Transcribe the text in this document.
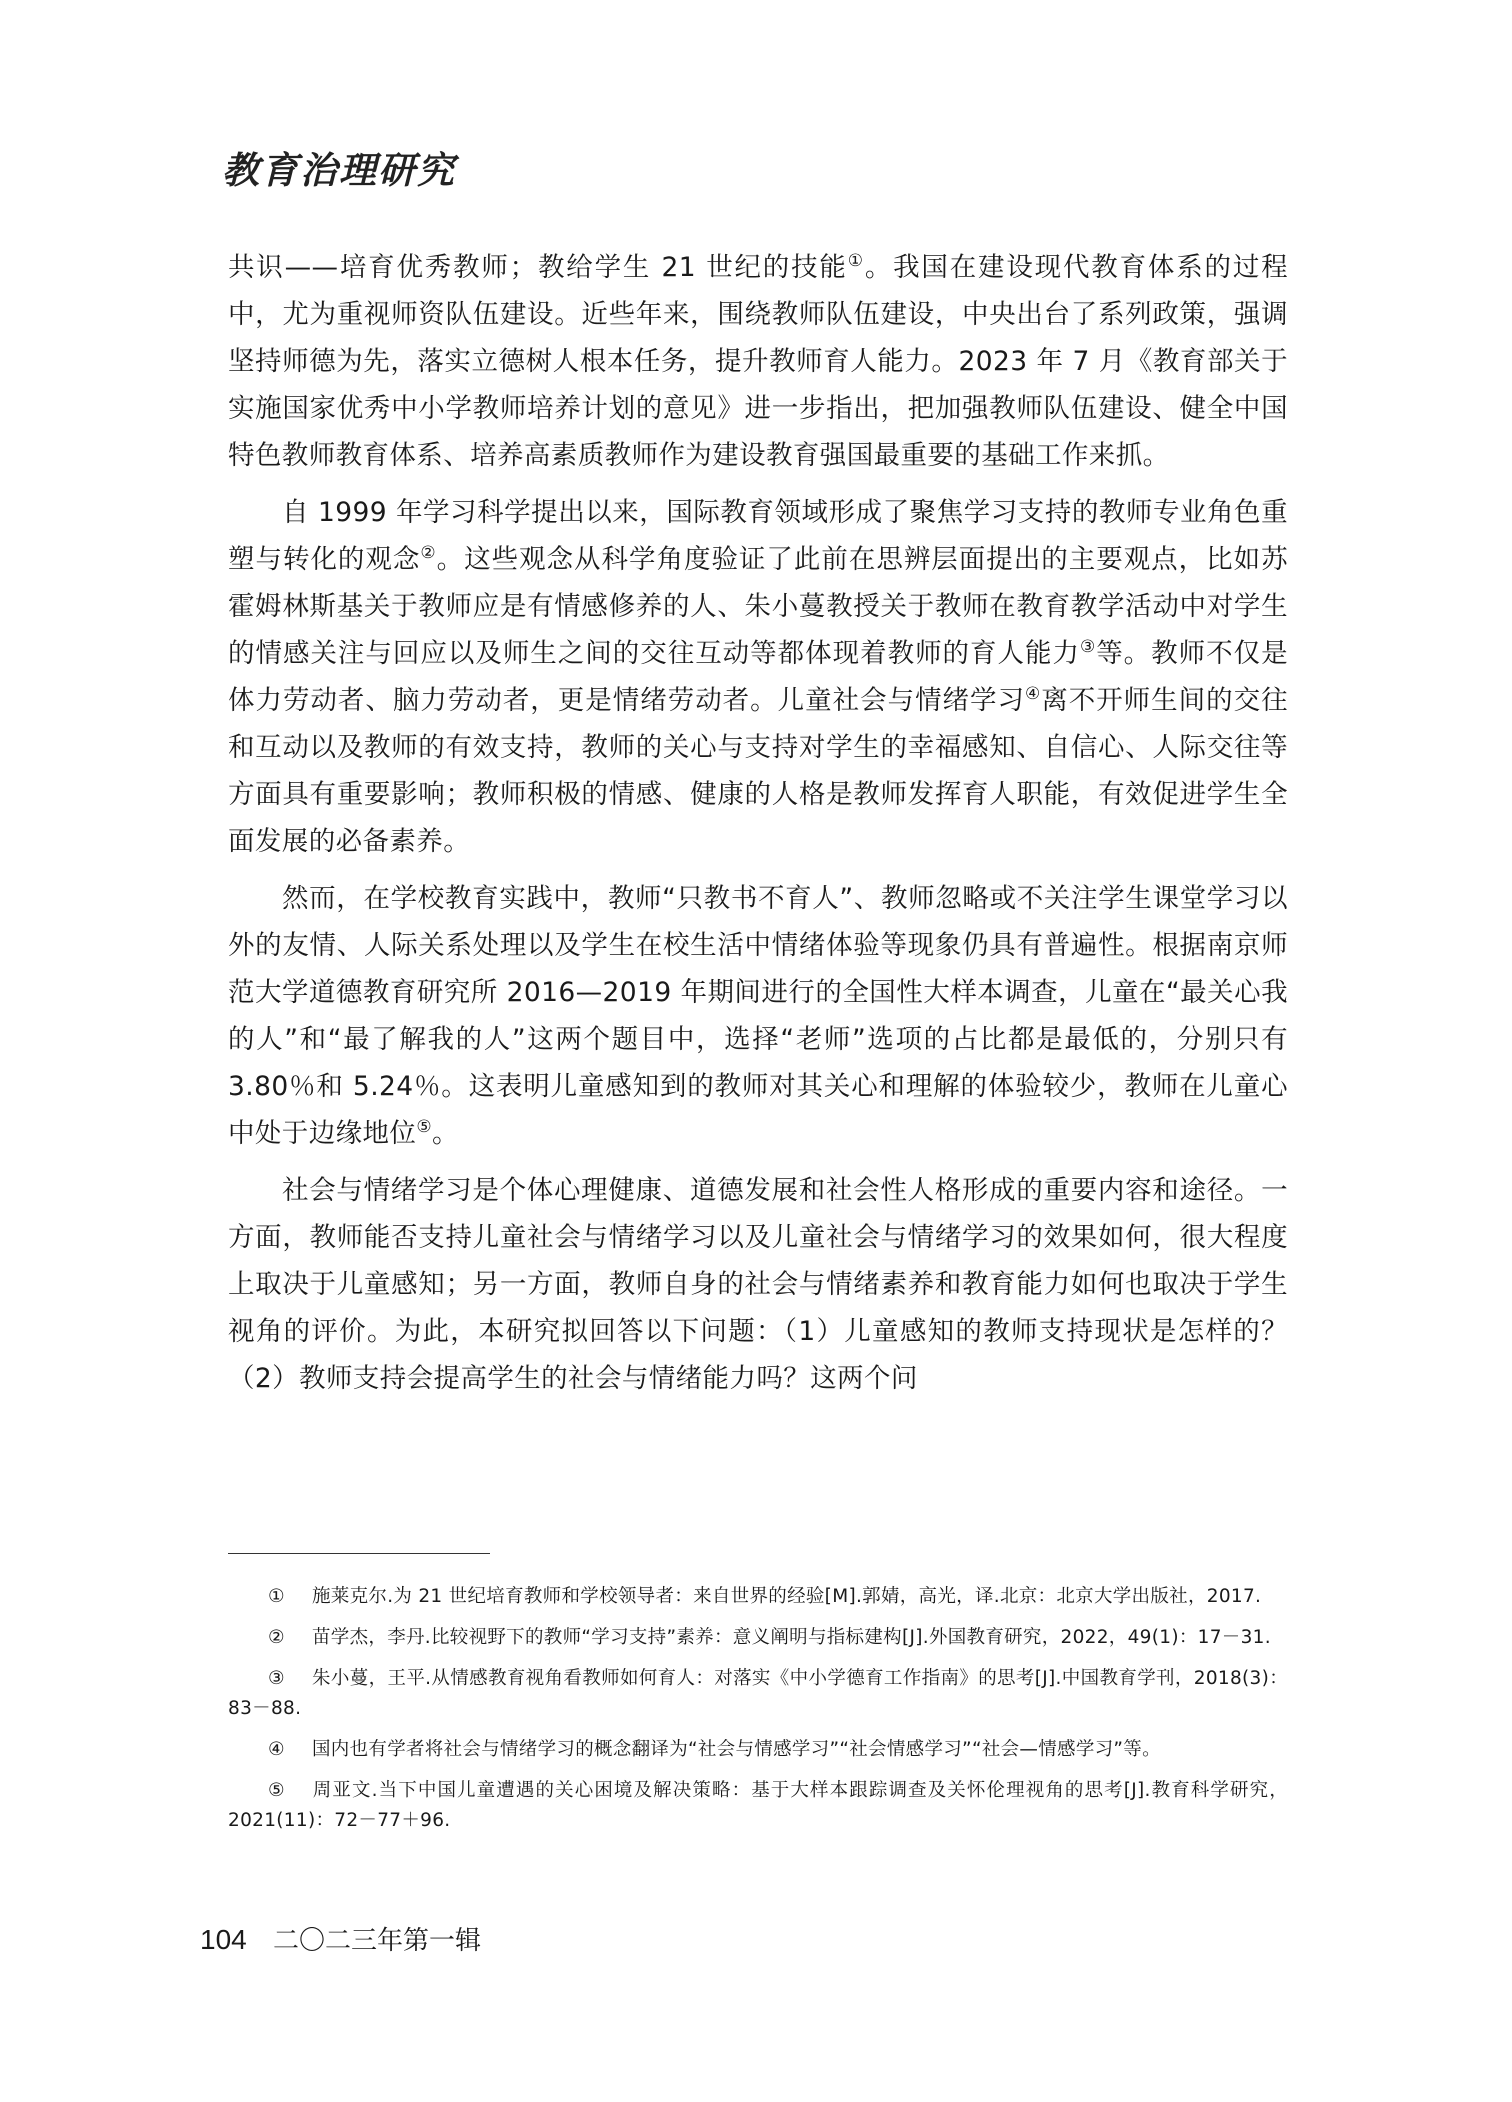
教育治理研究

共识——培育优秀教师；教给学生 21 世纪的技能①。我国在建设现代教育体系的过程中，尤为重视师资队伍建设。近些年来，围绕教师队伍建设，中央出台了系列政策，强调坚持师德为先，落实立德树人根本任务，提升教师育人能力。2023 年 7 月《教育部关于实施国家优秀中小学教师培养计划的意见》进一步指出，把加强教师队伍建设、健全中国特色教师教育体系、培养高素质教师作为建设教育强国最重要的基础工作来抓。

自 1999 年学习科学提出以来，国际教育领域形成了聚焦学习支持的教师专业角色重塑与转化的观念②。这些观念从科学角度验证了此前在思辨层面提出的主要观点，比如苏霍姆林斯基关于教师应是有情感修养的人、朱小蔓教授关于教师在教育教学活动中对学生的情感关注与回应以及师生之间的交往互动等都体现着教师的育人能力③等。教师不仅是体力劳动者、脑力劳动者，更是情绪劳动者。儿童社会与情绪学习④离不开师生间的交往和互动以及教师的有效支持，教师的关心与支持对学生的幸福感知、自信心、人际交往等方面具有重要影响；教师积极的情感、健康的人格是教师发挥育人职能，有效促进学生全面发展的必备素养。

然而，在学校教育实践中，教师“只教书不育人”、教师忽略或不关注学生课堂学习以外的友情、人际关系处理以及学生在校生活中情绪体验等现象仍具有普遍性。根据南京师范大学道德教育研究所 2016—2019 年期间进行的全国性大样本调查，儿童在“最关心我的人”和“最了解我的人”这两个题目中，选择“老师”选项的占比都是最低的，分别只有 3.80％和 5.24％。这表明儿童感知到的教师对其关心和理解的体验较少，教师在儿童心中处于边缘地位⑤。

社会与情绪学习是个体心理健康、道德发展和社会性人格形成的重要内容和途径。一方面，教师能否支持儿童社会与情绪学习以及儿童社会与情绪学习的效果如何，很大程度上取决于儿童感知；另一方面，教师自身的社会与情绪素养和教育能力如何也取决于学生视角的评价。为此，本研究拟回答以下问题：（1）儿童感知的教师支持现状是怎样的？（2）教师支持会提高学生的社会与情绪能力吗？这两个问

① 施莱克尔.为 21 世纪培育教师和学校领导者：来自世界的经验[M].郭婧，高光，译.北京：北京大学出版社，2017.

② 苗学杰，李丹.比较视野下的教师“学习支持”素养：意义阐明与指标建构[J].外国教育研究，2022，49(1)：17－31.

③ 朱小蔓，王平.从情感教育视角看教师如何育人：对落实《中小学德育工作指南》的思考[J].中国教育学刊，2018(3)：83－88.

④ 国内也有学者将社会与情绪学习的概念翻译为“社会与情感学习”“社会情感学习”“社会—情感学习”等。

⑤ 周亚文.当下中国儿童遭遇的关心困境及解决策略：基于大样本跟踪调查及关怀伦理视角的思考[J].教育科学研究，2021(11)：72－77＋96.

104 二〇二三年第一辑
